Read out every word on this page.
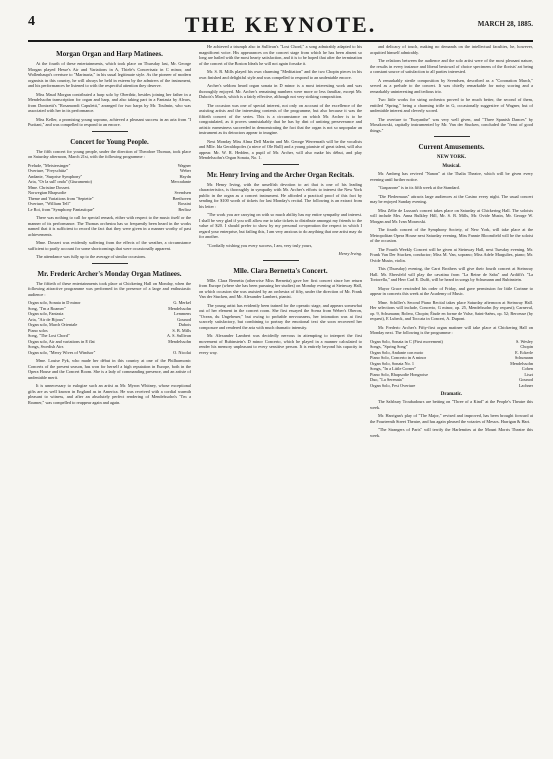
4	THE KEYNOTE.	MARCH 28, 1885.
Morgan Organ and Harp Matinees.

At the fourth of these entertainments, which took place on Thursday last, Mr. George Morgan played Hesse's Air and Variations in A, Thiele's Concertsatz in C minor, and Wollenhaupt's overture to "Marinaria," in his usual legitimate style. As the pioneer of modern organists in this country, he will always be held in esteem by the admirers of the instrument, and his performances be listened to with the respectful attention they deserve.

Miss Maud Morgan contributed a harp solo by Oberthür, besides joining her father in a Mendelssohn transcription for organ and harp, and also taking part in a Fantasia by Alvars, from Donizetti's "Rosamondi Capuletti," arranged for two harps by Mr. Toulmin, who was associated with her in its performance.

Miss Keller, a promising young soprano, achieved a pleasant success in an aria from "I Puritani," and was compelled to respond to an encore.

Concert for Young People.

The fifth concert for young people, under the direction of Theodore Thomas, took place on Saturday afternoon, March 21st, with the following programme :

Prelude, "Meistersinger"	Wagner
Overture, "Freyschütz"	Weber
Andante, "Surprise Symphony"	Haydn
Aria, "Or la sull' onda" (Giuramento)	Mercadante
Mme. Christine Dossert.
Norwegian Rhapsodie	Svendsen
Theme and Variations from "Septette"	Beethoven
Overture, "William Tell"	Rossini
Le Roi, from "Symphony Fantastique"	Berlioz

There was nothing to call for special remark, either with respect to the music itself or the manner of its performance. The Thomas orchestra has so frequently been heard in the works named that it is sufficient to record the fact that they were given in a manner worthy of past achievements.

Mme. Dossert was evidently suffering from the effects of the weather, a circumstance sufficient to partly account for some shortcomings that were occasionally apparent.

The attendance was fully up to the average of similar occasions.

Mr. Frederic Archer's Monday Organ Matinees.

The fiftieth of these entertainments took place at Chickering Hall on Monday, when the following attractive programme was performed in the presence of a large and enthusiastic audience :

Organ solo, Sonata in D minor	G. Merkel
Song, "I'm a Roamer"	Mendelssohn
Organ solo, Fantasia	Lemmens
Aria, "Air de Bijoux"	Gounod
Organ solo, March Orientale	Dubois
Piano solos	S. B. Mills
Song, "The Lost Chord"	A. S. Sullivan
Organ solo, Air and variations in E flat	Mendelssohn
Songs, Swedish Airs
Organ solo, "Merry Wives of Windsor"	O. Nicolai

Mme. Louise Pyk, who made her début in this country at one of the Philharmonic Concerts of the present season, has won for herself a high reputation in Europe, both in the Opera House and the Concert Room. She is a lady of commanding presence, and an artiste of undeniable merit.

It is unnecessary to eulogize such an artist as Mr. Myron Whitney, whose exceptional gifts are as well known in England as in America. He was received with a cordial warmth pleasant to witness, and after an absolutely perfect rendering of Mendelssohn's "I'm a Roamer," was compelled to reappear again and again.

He achieved a triumph also in Sullivan's "Lost Chord," a song admirably adapted to his magnificent voice. His appearances on the concert stage from which he has been absent so long are hailed with the most hearty satisfaction, and it is to be hoped that after the termination of the concert of the Boston Ideals he will not again forsake it.

Mr. S. B. Mills played his own charming "Meditation" and the two Chopin pieces in his own finished and delightful style and was compelled to respond to an undeniable encore.

Archer's seldom heard organ sonata in D minor is a most interesting work and was thoroughly enjoyed. Mr. Archer's remaining numbers were more or less familiar, except Mr. Dubois's March, which is a fairly effective, although not very striking composition.

The occasion was one of special interest, not only on account of the excellence of the assisting artists and the interesting contents of the programme, but also because it was the fiftieth concert of the series. This is a circumstance on which Mr. Archer is to be congratulated, as it proves unmistakably that he has by dint of untiring perseverance and artistic earnestness succeeded in demonstrating the fact that the organ is not so unpopular an instrument as its detractors appear to imagine.

Next Monday Miss Alma Dell Martin and Mr. George Werrenrath will be the vocalists and Mlle. Ida Geraldopoles (a niece of Ole Bull) and a young pianiste of great talent, will also appear. Mr. W. R. Hedden, a pupil of Mr. Archer, will also make his début, and play Mendelssohn's Organ Sonata, No. 1.

Mr. Henry Irving and the Archer Organ Recitals.

Mr. Henry Irving, with the unselfish devotion to art that is one of his leading characteristics, is thoroughly in sympathy with Mr. Archer's efforts to interest the New York public in the organ as a concert instrument. He afforded a practical proof of this fact by sending for $100 worth of tickets for last Monday's recital. The following is an extract from his letter :

"The work you are carrying on with so much ability has my entire sympathy and interest. I shall be very glad if you will allow me to take tickets to distribute amongst my friends to the value of $20. I should prefer to show by my personal co-operation the respect in which I regard your enterprise, but failing this, I am very anxious to do anything that one artist may do for another.

"Cordially wishing you every success, I am, very truly yours,

Henry Irving.

Mlle. Clara Bernetta's Concert.

Mlle. Clara Bernetta (otherwise Miss Bernetta) gave her first concert since her return from Europe (where she has been pursuing her studies) on Monday evening at Steinway Hall, on which occasion she was assisted by an orchestra of fifty, under the direction of Mr. Frank Van der Stucken, and Mr. Alexander Lambert, pianist.

The young artist has evidently been trained for the operatic stage, and appears somewhat out of her element in the concert room. She first essayed the Scena from Weber's Oberon, "Ocean, du Ungeheuer," but owing to probable nervousness, her intonation was at first scarcely satisfactory, but combining to portray the emotional text she soon recovered her composure and rendered the aria with much dramatic intensity.

Mr. Alexander Lambert was decidedly nervous in attempting to interpret the first movement of Rubinstein's D minor Concerto, which he played in a manner calculated to render his memory unpleasant to every sensitive person. It is entirely beyond his capacity in every way.

and delicacy of touch, making no demands on the intellectual faculties, he, however, acquitted himself admirably.

The relations between the audience and the solo artist were of the most pleasant nature, the results in every instance and liberal bestowal of choice specimens of the florists' art being a constant source of satisfaction to all parties interested.

A remarkably sterile composition by Svendsen, described as a "Coronation March," served as a prelude to the concert. It was chiefly remarkable for noisy scoring and a remarkably uninteresting and tedious trio.

Two little works for string orchestra proved to be much better, the second of them, entitled "Spring," being a charming trifle in G, occasionally suggestive of Wagner, but of undeniable interest and cleverly scored.

The overture to "Euryanthe" was very well given, and "Three Spanish Dances" by Moszkowski, capitally instrumented by Mr. Van der Stucken, concluded the "feast of good things."

Current Amusements.
NEW YORK.
Musical.

Mr. Amberg has revived "Nanon" at the Thalia Theatre, which will be given every evening until further notice.

"Gasparone" is in its fifth week at the Standard.

"Die Fledermaus" attracts large audiences at the Casino every night. The usual concert may be enjoyed Sunday evening.

Miss Zélie de Lussan's concert takes place on Saturday at Chickering Hall. The soloists will include Mrs. Anna Bulkley Hill, Mr. S. B. Mills, Mr. Ovide Musin, Mr. George W. Morgan and Mr. Ivan Morawski.

The fourth concert of the Symphony Society, of New York, will take place at the Metropolitan Opera House next Saturday evening. Miss Fannie Bloomfield will be the soloist of the occasion.

The Fourth Weekly Concert will be given at Steinway Hall, next Tuesday evening. Mr. Frank Van Der Stucken, conductor; Miss M. Van, soprano; Miss Adele Margulies, piano; Mr. Ovide Musin, violin.

This (Thursday) evening, the Carri Brothers will give their fourth concert at Steinway Hall. Mr. Ebersfeld will play the cavatina from "La Reine de Saba" and Ardiffi's "La Tortorella," and Herr Carl E. Dufft, will be heard in songs by Schumann and Rubinstein.

Mayor Grace rescinded his order of Friday, and gave permission for little Corinne to appear in concerts this week at the Academy of Music.

Mme. Schiller's Second Piano Recital takes place Saturday afternoon at Steinway Hall. Her selections will include, Concerto, G minor, op. 25, Mendelssohn (by request); Carneval, op. 9, Schumann; Bolero, Chopin; Étude en forme de Valse, Saint-Saëns, op. 52; Berceuse (by request), E Lubeck, and Toccata in Concert, A. Dupont.

Mr. Frederic Archer's Fifty-first organ matinee will take place at Chickering Hall on Monday next. The following is the programme :

Organ Solo, Sonata in C (First movement)	S. Wesley
Songs, "Spring Song"	Chopin
Organ Solo, Andante con moto	E. Eckerle
Piano Solo, Concerto in A minor	Schumann
Organ Solo, Sonata No. 1	Mendelssohn
Songs, "In a Little Corner"	Cohen
Piano Solo, Rhapsodie Hongroise	Liszt
Duo, "La Serenata"	Gounod
Organ Solo, Fest Overture	Lachner
Dramatic.

The Salsbury Troubadours are betting on "Three of a Kind" at the People's Theatre this week.

Mr. Harrigan's play of "The Major," revised and improved, has been brought forward at the Fourteenth Street Theatre, and has again pleased the votaries of Messrs. Harrigan & Hart.

"The Strangers of Paris" will terrify the Harlemites at the Mount Morris Theatre this week.
